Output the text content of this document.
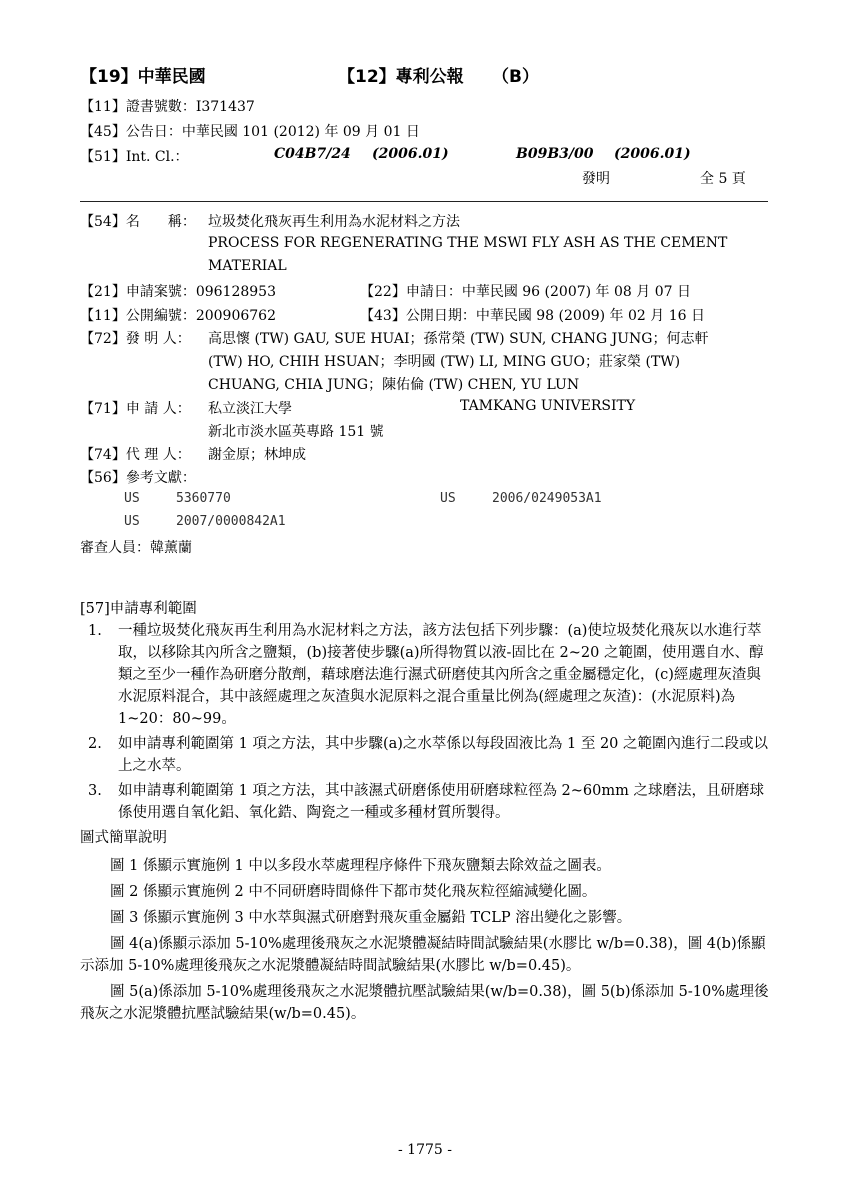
【19】中華民國	【12】專利公報 （B）
【11】證書號數：I371437
【45】公告日：中華民國 101 (2012) 年 09 月 01 日
【51】Int. Cl.：	C04B7/24 (2006.01)	B09B3/00 (2006.01)
發明	全 5 頁
【54】名　　稱： 垃圾焚化飛灰再生利用為水泥材料之方法
PROCESS FOR REGENERATING THE MSWI FLY ASH AS THE CEMENT
MATERIAL
【21】申請案號：096128953	【22】申請日：中華民國 96 (2007) 年 08 月 07 日
【11】公開編號：200906762	【43】公開日期：中華民國 98 (2009) 年 02 月 16 日
【72】發 明 人： 高思懷 (TW) GAU, SUE HUAI；孫常榮 (TW) SUN, CHANG JUNG；何志軒
(TW) HO, CHIH HSUAN；李明國 (TW) LI, MING GUO；莊家榮 (TW)
CHUANG, CHIA JUNG；陳佑倫 (TW) CHEN, YU LUN
【71】申 請 人： 私立淡江大學	TAMKANG UNIVERSITY
新北市淡水區英專路 151 號
【74】代 理 人： 謝金原；林坤成
【56】參考文獻：
US	5360770	US	2006/0249053A1
US	2007/0000842A1
審查人員：韓薰蘭

[57]申請專利範圍

1. 一種垃圾焚化飛灰再生利用為水泥材料之方法，該方法包括下列步驟：(a)使垃圾焚化飛灰以水進行萃取，以移除其內所含之鹽類，(b)接著使步驟(a)所得物質以液-固比在 2~20 之範圍，使用選自水、醇類之至少一種作為研磨分散劑，藉球磨法進行濕式研磨使其內所含之重金屬穩定化，(c)經處理灰渣與水泥原料混合，其中該經處理之灰渣與水泥原料之混合重量比例為(經處理之灰渣)：(水泥原料)為 1~20：80~99。

2. 如申請專利範圍第 1 項之方法，其中步驟(a)之水萃係以每段固液比為 1 至 20 之範圍內進行二段或以上之水萃。

3. 如申請專利範圍第 1 項之方法，其中該濕式研磨係使用研磨球粒徑為 2~60mm 之球磨法，且研磨球係使用選自氧化鋁、氧化鋯、陶瓷之一種或多種材質所製得。

圖式簡單說明

圖 1 係顯示實施例 1 中以多段水萃處理程序條件下飛灰鹽類去除效益之圖表。

圖 2 係顯示實施例 2 中不同研磨時間條件下都市焚化飛灰粒徑縮減變化圖。

圖 3 係顯示實施例 3 中水萃與濕式研磨對飛灰重金屬鉛 TCLP 溶出變化之影響。

圖 4(a)係顯示添加 5-10%處理後飛灰之水泥漿體凝結時間試驗結果(水膠比 w/b=0.38)，圖 4(b)係顯示添加 5-10%處理後飛灰之水泥漿體凝結時間試驗結果(水膠比 w/b=0.45)。

圖 5(a)係添加 5-10%處理後飛灰之水泥漿體抗壓試驗結果(w/b=0.38)，圖 5(b)係添加 5-10%處理後飛灰之水泥漿體抗壓試驗結果(w/b=0.45)。

- 1775 -
